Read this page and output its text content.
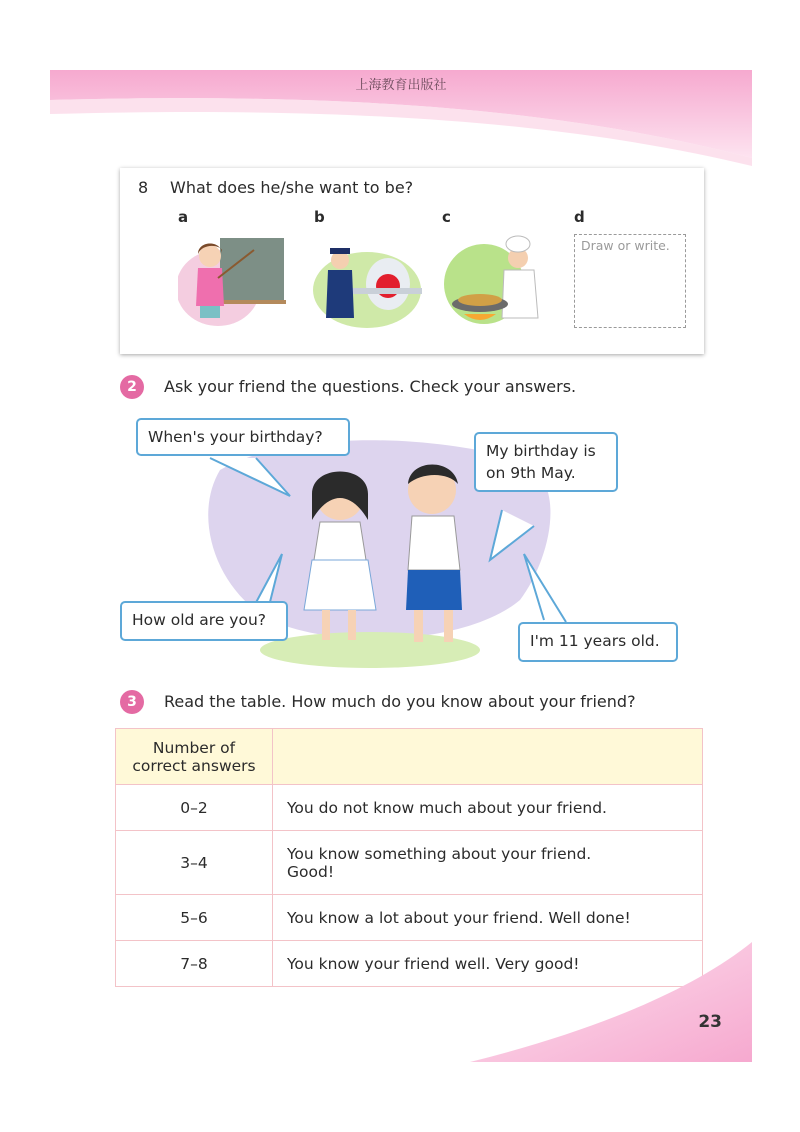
上海教育出版社
8 What does he/she want to be?
a	b	c	d
Draw or write.
2	Ask your friend the questions. Check your answers.
When's your birthday?
My birthday is
on 9th May.
How old are you?
I'm 11 years old.
3	Read the table. How much do you know about your friend?
Number of
correct answers	

0–2	You do not know much about your friend.
3–4	You know something about your friend.
Good!

5–6	You know a lot about your friend. Well done!
7–8	You know your friend well. Very good!
23
